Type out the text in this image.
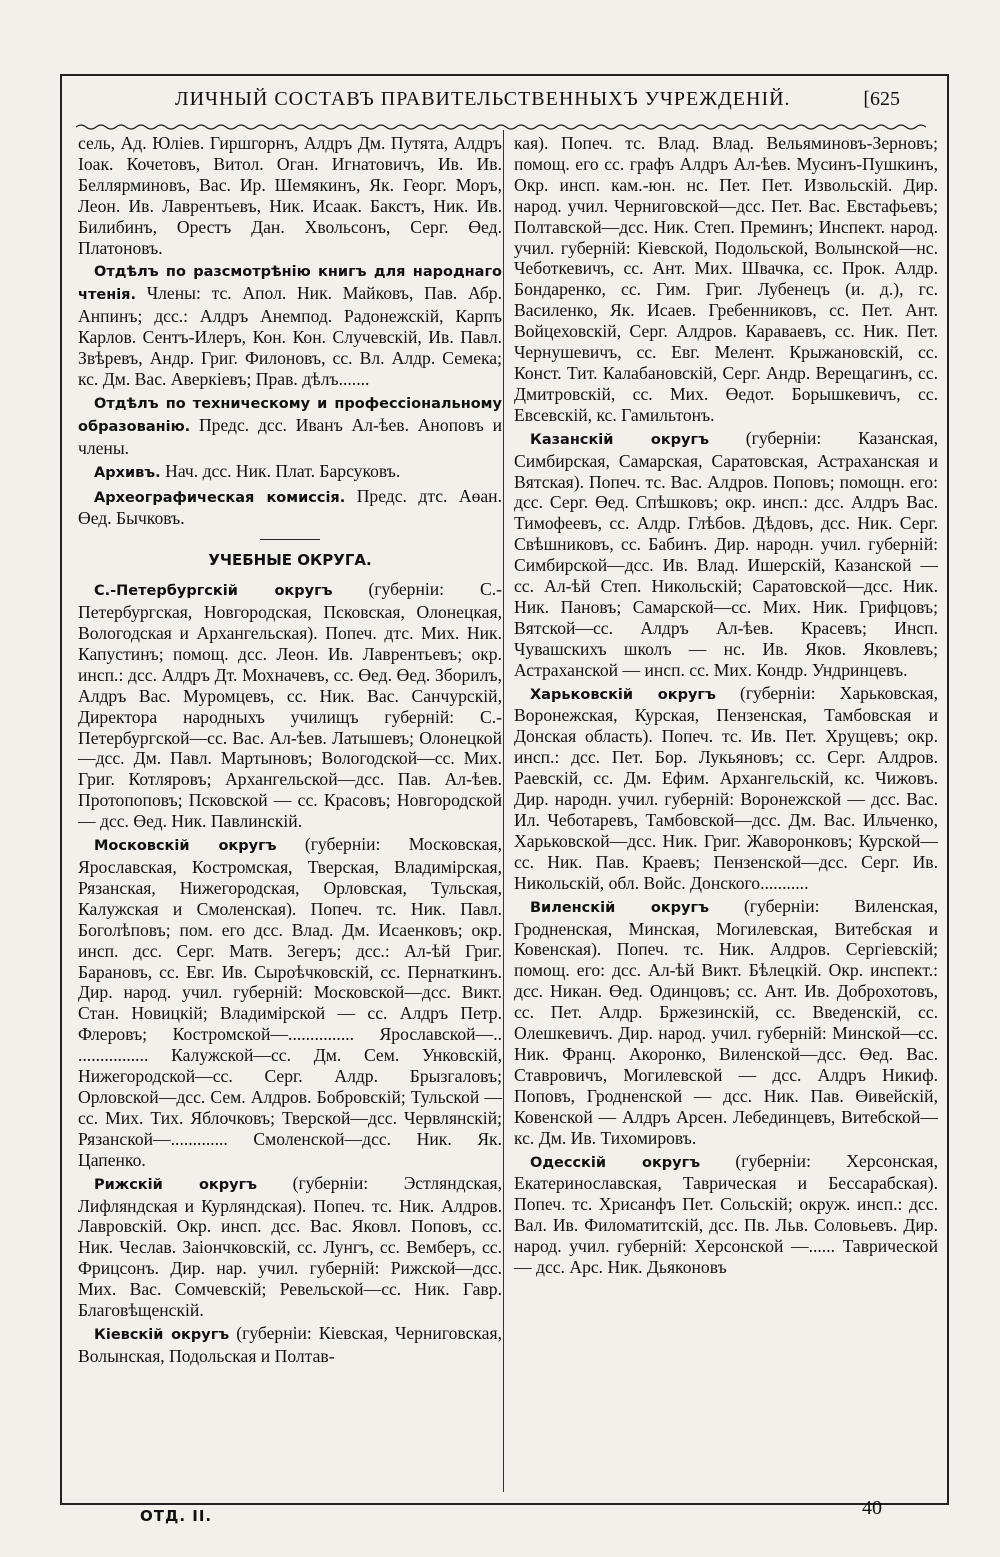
ЛИЧНЫЙ СОСТАВЪ ПРАВИТЕЛЬСТВЕННЫХЪ УЧРЕЖДЕНІЙ.	[625

сель, Ад. Юліев. Гиршгорнъ, Алдръ Дм. Путята, Алдръ Іоак. Кочетовъ, Витол. Оган. Игнатовичъ, Ив. Ив. Беллярминовъ, Вас. Ир. Шемякинъ, Як. Георг. Моръ, Леон. Ив. Лаврентьевъ, Ник. Исаак. Бакстъ, Ник. Ив. Билибинъ, Орестъ Дан. Хвольсонъ, Серг. Өед. Платоновъ.

Отдѣлъ по разсмотрѣнію книгъ для народнаго чтенія. Члены: тс. Апол. Ник. Майковъ, Пав. Абр. Анпинъ; дсс.: Алдръ Анемпод. Радонежскій, Карпъ Карлов. Сентъ-Илеръ, Кон. Кон. Случевскій, Ив. Павл. Звѣревъ, Андр. Григ. Филоновъ, сс. Вл. Алдр. Семека; кс. Дм. Вас. Аверкіевъ; Прав. дѣлъ.......

Отдѣлъ по техническому и профессіональному образованію. Предс. дсс. Иванъ Ал-ѣев. Аноповъ и члены.

Архивъ. Нач. дсс. Ник. Плат. Барсуковъ.

Археографическая комиссія. Предс. дтс. Аөан. Өед. Бычковъ.

УЧЕБНЫЕ ОКРУГА.

С.-Петербургскій округъ (губерніи: С.-Петербургская, Новгородская, Псковская, Олонецкая, Вологодская и Архангельская). Попеч. дтс. Мих. Ник. Капустинъ; помощ. дсс. Леон. Ив. Лаврентьевъ; окр. инсп.: дсс. Алдръ Дт. Мохначевъ, сс. Өед. Өед. Зборилъ, Алдръ Вас. Муромцевъ, сс. Ник. Вас. Санчурскій, Директора народныхъ училищъ губерній: С.-Петербургской—сс. Вас. Ал-ѣев. Латышевъ; Олонецкой—дсс. Дм. Павл. Мартыновъ; Вологодской—сс. Мих. Григ. Котляровъ; Архангельской—дсс. Пав. Ал-ѣев. Протопоповъ; Псковской — сс. Красовъ; Новгородской — дсс. Өед. Ник. Павлинскій.

Московскій округъ (губерніи: Московская, Ярославская, Костромская, Тверская, Владимірская, Рязанская, Нижегородская, Орловская, Тульская, Калужская и Смоленская). Попеч. тс. Ник. Павл. Боголѣповъ; пом. его дсс. Влад. Дм. Исаенковъ; окр. инсп. дсс. Серг. Матв. Зегеръ; дсс.: Ал-ѣй Григ. Барановъ, сс. Евг. Ив. Сыроѣчковскій, сс. Пернаткинъ. Дир. народ. учил. губерній: Московской—дсс. Викт. Стан. Новицкій; Владимірской — сс. Алдръ Петр. Флеровъ; Костромской—............... Ярославской—.. ................ Калужской—сс. Дм. Сем. Унковскій, Нижегородской—сс. Серг. Алдр. Брызгаловъ; Орловской—дсс. Сем. Алдров. Бобровскій; Тульской — сс. Мих. Тих. Яблочковъ; Тверской—дсс. Червлянскій; Рязанской—............. Смоленской—дсс. Ник. Як. Цапенко.

Рижскій округъ (губерніи: Эстляндская, Лифляндская и Курляндская). Попеч. тс. Ник. Алдров. Лавровскій. Окр. инсп. дсс. Вас. Яковл. Поповъ, сс. Ник. Чеслав. Заіончковскій, сс. Лунгъ, сс. Вемберъ, сс. Фрицсонъ. Дир. нар. учил. губерній: Рижской—дсс. Мих. Вас. Сомчевскій; Ревельской—сс. Ник. Гавр. Благовѣщенскій.

Кіевскій округъ (губерніи: Кіевская, Черниговская, Волынская, Подольская и Полтав-

кая). Попеч. тс. Влад. Влад. Вельяминовъ-Зерновъ; помощ. его сс. графъ Алдръ Ал-ѣев. Мусинъ-Пушкинъ, Окр. инсп. кам.-юн. нс. Пет. Пет. Извольскій. Дир. народ. учил. Черниговской—дсс. Пет. Вас. Евстафьевъ; Полтавской—дсс. Ник. Степ. Преминъ; Инспект. народ. учил. губерній: Кіевской, Подольской, Волынской—нс. Чеботкевичъ, сс. Ант. Мих. Швачка, сс. Прок. Алдр. Бондаренко, сс. Гим. Григ. Лубенецъ (и. д.), гс. Василенко, Як. Исаев. Гребенниковъ, сс. Пет. Ант. Войцеховскій, Серг. Алдров. Караваевъ, сс. Ник. Пет. Чернушевичъ, сс. Евг. Мелент. Крыжановскій, сс. Конст. Тит. Калабановскій, Серг. Андр. Верещагинъ, сс. Дмитровскій, сс. Мих. Өедот. Борышкевичъ, сс. Евсевскій, кс. Гамильтонъ.

Казанскій округъ (губерніи: Казанская, Симбирская, Самарская, Саратовская, Астраханская и Вятская). Попеч. тс. Вас. Алдров. Поповъ; помощн. его: дсс. Серг. Өед. Спѣшковъ; окр. инсп.: дсс. Алдръ Вас. Тимофеевъ, сс. Алдр. Глѣбов. Дѣдовъ, дсс. Ник. Серг. Свѣшниковъ, сс. Бабинъ. Дир. народн. учил. губерній: Симбирской—дсс. Ив. Влад. Ишерскій, Казанской — сс. Ал-ѣй Степ. Никольскій; Саратовской—дсс. Ник. Ник. Пановъ; Самарской—сс. Мих. Ник. Грифцовъ; Вятской—сс. Алдръ Ал-ѣев. Красевъ; Инсп. Чувашскихъ школъ — нс. Ив. Яков. Яковлевъ; Астраханской — инсп. сс. Мих. Кондр. Ундринцевъ.

Харьковскій округъ (губерніи: Харьковская, Воронежская, Курская, Пензенская, Тамбовская и Донская область). Попеч. тс. Ив. Пет. Хрущевъ; окр. инсп.: дсс. Пет. Бор. Лукьяновъ; сс. Серг. Алдров. Раевскій, сс. Дм. Ефим. Архангельскій, кс. Чижовъ. Дир. народн. учил. губерній: Воронежской — дсс. Вас. Ил. Чеботаревъ, Тамбовской—дсс. Дм. Вас. Ильченко, Харьковской—дсс. Ник. Григ. Жаворонковъ; Курской—сс. Ник. Пав. Краевъ; Пензенской—дсс. Серг. Ив. Никольскій, обл. Войс. Донского...........

Виленскій округъ (губерніи: Виленская, Гродненская, Минская, Могилевская, Витебская и Ковенская). Попеч. тс. Ник. Алдров. Сергіевскій; помощ. его: дсс. Ал-ѣй Викт. Бѣлецкій. Окр. инспект.: дсс. Никан. Өед. Одинцовъ; сс. Ант. Ив. Доброхотовъ, сс. Пет. Алдр. Бржезинскій, сс. Введенскій, сс. Олешкевичъ. Дир. народ. учил. губерній: Минской—сс. Ник. Франц. Акоронко, Виленской—дсс. Өед. Вас. Ставровичъ, Могилевской — дсс. Алдръ Никиф. Поповъ, Гродненской — дсс. Ник. Пав. Өивейскій, Ковенской — Алдръ Арсен. Лебединцевъ, Витебской—кс. Дм. Ив. Тихомировъ.

Одесскій округъ (губерніи: Херсонская, Екатеринославская, Таврическая и Бессарабская). Попеч. тс. Хрисанфъ Пет. Сольскій; окруж. инсп.: дсс. Вал. Ив. Филоматитскій, дсс. Пв. Льв. Соловьевъ. Дир. народ. учил. губерній: Херсонской —...... Таврической — дсс. Арс. Ник. Дьяконовъ

ОТД. II.	40
